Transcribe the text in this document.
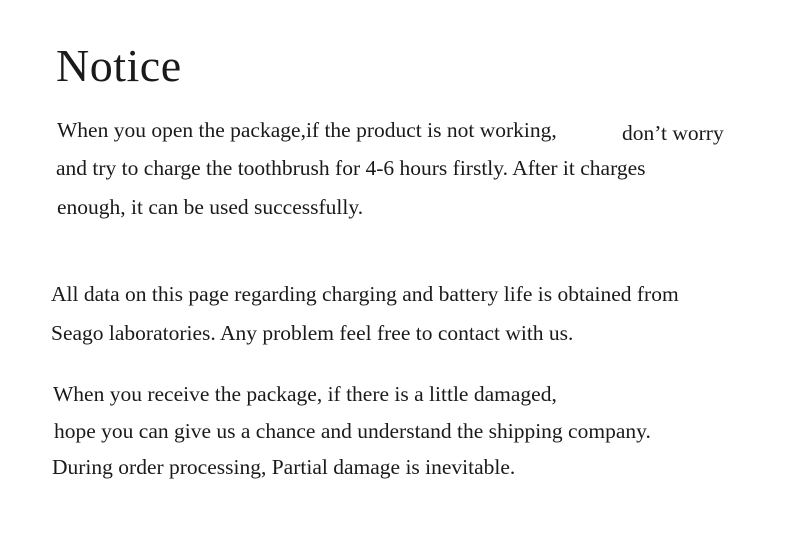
Notice

When you open the package,if the product is not working,	don’t worry

and try to charge the toothbrush for 4-6 hours firstly. After it charges

enough, it can be used successfully.

All data on this page regarding charging and battery life is obtained from

Seago laboratories. Any problem feel free to contact with us.

When you receive the package, if there is a little damaged,

hope you can give us a chance and understand the shipping company.

During order processing, Partial damage is inevitable.
